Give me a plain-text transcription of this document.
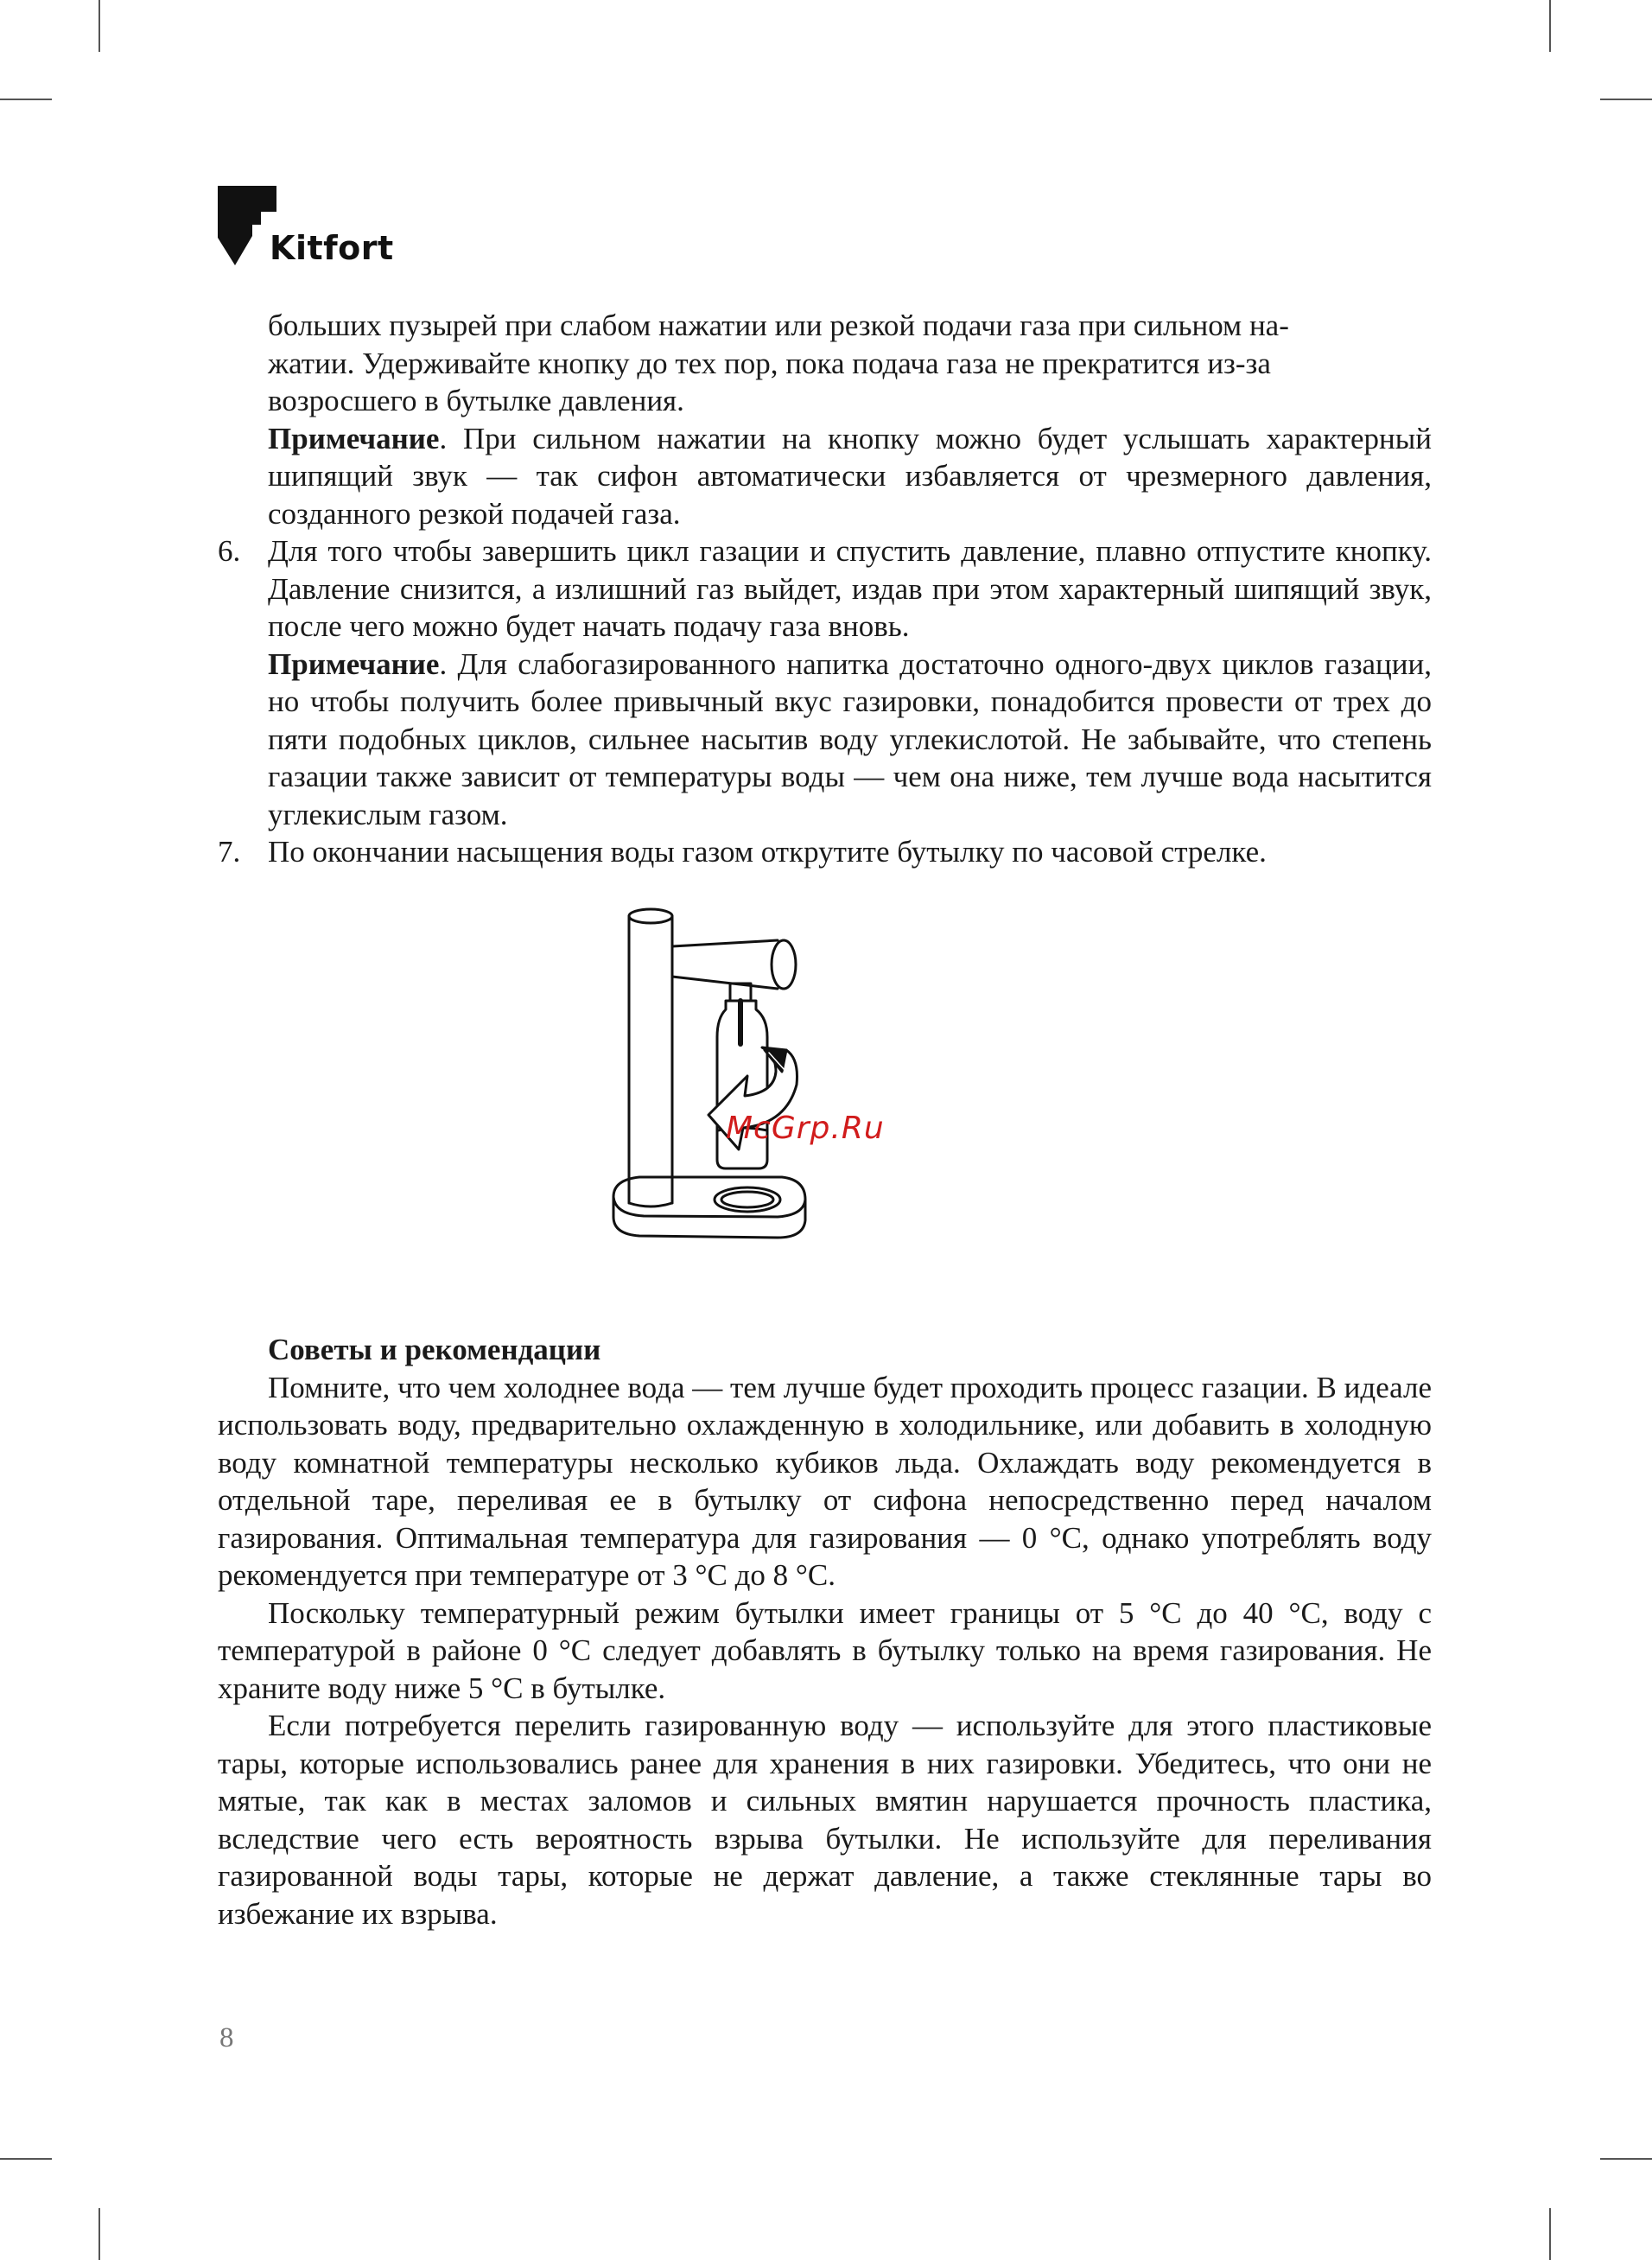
Kitfort

больших пузырей при слабом нажатии или резкой подачи газа при сильном на-

жатии. Удерживайте кнопку до тех пор, пока подача газа не прекратится из-за

возросшего в бутылке давления.

Примечание. При сильном нажатии на кнопку можно будет услышать характерный шипящий звук — так сифон автоматически избавляется от чрезмерного давления, созданного резкой подачей газа.

6. Для того чтобы завершить цикл газации и спустить давление, плавно отпустите кнопку. Давление снизится, а излишний газ выйдет, издав при этом характерный шипящий звук, после чего можно будет начать подачу газа вновь.

Примечание. Для слабогазированного напитка достаточно одного-двух циклов газации, но чтобы получить более привычный вкус газировки, понадобится провести от трех до пяти подобных циклов, сильнее насытив воду углекислотой. Не забывайте, что степень газации также зависит от температуры воды — чем она ниже, тем лучше вода насытится углекислым газом.

7. По окончании насыщения воды газом открутите бутылку по часовой стрелке.

McGrp.Ru

Советы и рекомендации

Помните, что чем холоднее вода — тем лучше будет проходить процесс газации. В идеале использовать воду, предварительно охлажденную в холодильнике, или добавить в холодную воду комнатной температуры несколько кубиков льда. Охлаждать воду рекомендуется в отдельной таре, переливая ее в бутылку от сифона непосредственно перед началом газирования. Оптимальная температура для газирования — 0 °С, однако употреблять воду рекомендуется при температуре от 3 °С до 8 °С.

Поскольку температурный режим бутылки имеет границы от 5 °С до 40 °С, воду с температурой в районе 0 °С следует добавлять в бутылку только на время газирования. Не храните воду ниже 5 °С в бутылке.

Если потребуется перелить газированную воду — используйте для этого пластиковые тары, которые использовались ранее для хранения в них газировки. Убедитесь, что они не мятые, так как в местах заломов и сильных вмятин нарушается прочность пластика, вследствие чего есть вероятность взрыва бутылки. Не используйте для переливания газированной воды тары, которые не держат давление, а также стеклянные тары во избежание их взрыва.

8
